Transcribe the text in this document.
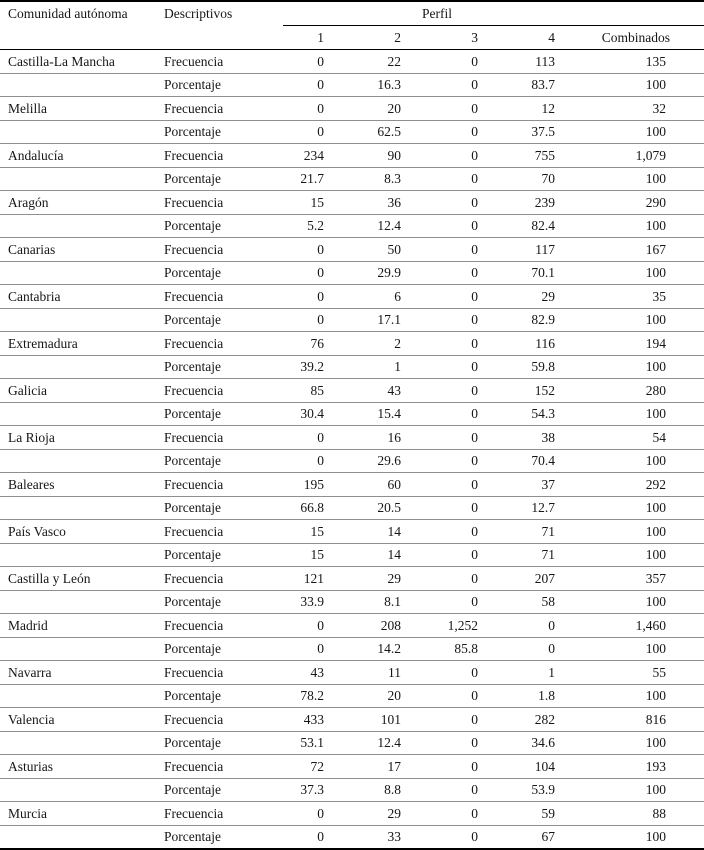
Comunidad autónoma	Descriptivos	Perfil				
		1	2	3	4	Combinados
Castilla-La Mancha	Frecuencia	0	22	0	113	135
	Porcentaje	0	16.3	0	83.7	100
Melilla	Frecuencia	0	20	0	12	32
	Porcentaje	0	62.5	0	37.5	100
Andalucía	Frecuencia	234	90	0	755	1,079
	Porcentaje	21.7	8.3	0	70	100
Aragón	Frecuencia	15	36	0	239	290
	Porcentaje	5.2	12.4	0	82.4	100
Canarias	Frecuencia	0	50	0	117	167
	Porcentaje	0	29.9	0	70.1	100
Cantabria	Frecuencia	0	6	0	29	35
	Porcentaje	0	17.1	0	82.9	100
Extremadura	Frecuencia	76	2	0	116	194
	Porcentaje	39.2	1	0	59.8	100
Galicia	Frecuencia	85	43	0	152	280
	Porcentaje	30.4	15.4	0	54.3	100
La Rioja	Frecuencia	0	16	0	38	54
	Porcentaje	0	29.6	0	70.4	100
Baleares	Frecuencia	195	60	0	37	292
	Porcentaje	66.8	20.5	0	12.7	100
País Vasco	Frecuencia	15	14	0	71	100
	Porcentaje	15	14	0	71	100
Castilla y León	Frecuencia	121	29	0	207	357
	Porcentaje	33.9	8.1	0	58	100
Madrid	Frecuencia	0	208	1,252	0	1,460
	Porcentaje	0	14.2	85.8	0	100
Navarra	Frecuencia	43	11	0	1	55
	Porcentaje	78.2	20	0	1.8	100
Valencia	Frecuencia	433	101	0	282	816
	Porcentaje	53.1	12.4	0	34.6	100
Asturias	Frecuencia	72	17	0	104	193
	Porcentaje	37.3	8.8	0	53.9	100
Murcia	Frecuencia	0	29	0	59	88
	Porcentaje	0	33	0	67	100
